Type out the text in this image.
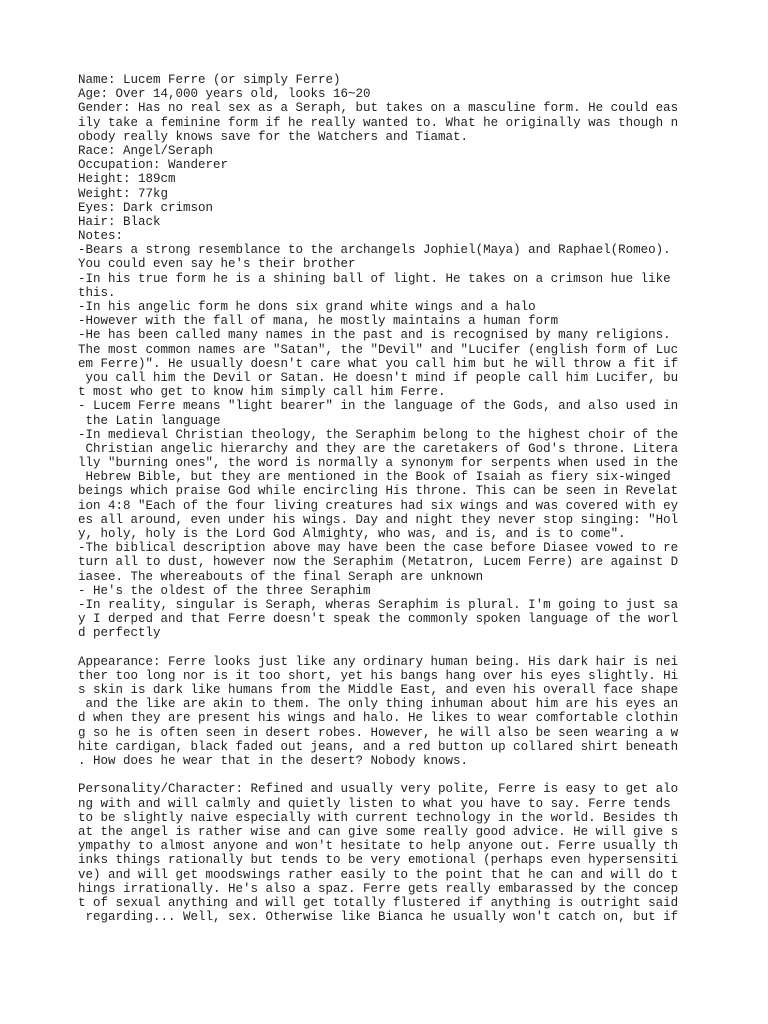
Name: Lucem Ferre (or simply Ferre)
Age: Over 14,000 years old, looks 16~20
Gender: Has no real sex as a Seraph, but takes on a masculine form. He could eas
ily take a feminine form if he really wanted to. What he originally was though n
obody really knows save for the Watchers and Tiamat.
Race: Angel/Seraph
Occupation: Wanderer
Height: 189cm
Weight: 77kg
Eyes: Dark crimson
Hair: Black
Notes:
-Bears a strong resemblance to the archangels Jophiel(Maya) and Raphael(Romeo).
You could even say he's their brother
-In his true form he is a shining ball of light. He takes on a crimson hue like
this.
-In his angelic form he dons six grand white wings and a halo
-However with the fall of mana, he mostly maintains a human form
-He has been called many names in the past and is recognised by many religions.
The most common names are "Satan", the "Devil" and "Lucifer (english form of Luc
em Ferre)". He usually doesn't care what you call him but he will throw a fit if
you call him the Devil or Satan. He doesn't mind if people call him Lucifer, bu
t most who get to know him simply call him Ferre.
- Lucem Ferre means "light bearer" in the language of the Gods, and also used in
the Latin language
-In medieval Christian theology, the Seraphim belong to the highest choir of the
Christian angelic hierarchy and they are the caretakers of God's throne. Litera
lly "burning ones", the word is normally a synonym for serpents when used in the
Hebrew Bible, but they are mentioned in the Book of Isaiah as fiery six-winged
beings which praise God while encircling His throne. This can be seen in Revelat
ion 4:8 "Each of the four living creatures had six wings and was covered with ey
es all around, even under his wings. Day and night they never stop singing: "Hol
y, holy, holy is the Lord God Almighty, who was, and is, and is to come".
-The biblical description above may have been the case before Diasee vowed to re
turn all to dust, however now the Seraphim (Metatron, Lucem Ferre) are against D
iasee. The whereabouts of the final Seraph are unknown
- He's the oldest of the three Seraphim
-In reality, singular is Seraph, wheras Seraphim is plural. I'm going to just sa
y I derped and that Ferre doesn't speak the commonly spoken language of the worl
d perfectly
Appearance: Ferre looks just like any ordinary human being. His dark hair is nei
ther too long nor is it too short, yet his bangs hang over his eyes slightly. Hi
s skin is dark like humans from the Middle East, and even his overall face shape
and the like are akin to them. The only thing inhuman about him are his eyes an
d when they are present his wings and halo. He likes to wear comfortable clothin
g so he is often seen in desert robes. However, he will also be seen wearing a w
hite cardigan, black faded out jeans, and a red button up collared shirt beneath
. How does he wear that in the desert? Nobody knows.
Personality/Character: Refined and usually very polite, Ferre is easy to get alo
ng with and will calmly and quietly listen to what you have to say. Ferre tends
to be slightly naive especially with current technology in the world. Besides th
at the angel is rather wise and can give some really good advice. He will give s
ympathy to almost anyone and won't hesitate to help anyone out. Ferre usually th
inks things rationally but tends to be very emotional (perhaps even hypersensiti
ve) and will get moodswings rather easily to the point that he can and will do t
hings irrationally. He's also a spaz. Ferre gets really embarassed by the concep
t of sexual anything and will get totally flustered if anything is outright said
regarding... Well, sex. Otherwise like Bianca he usually won't catch on, but if
